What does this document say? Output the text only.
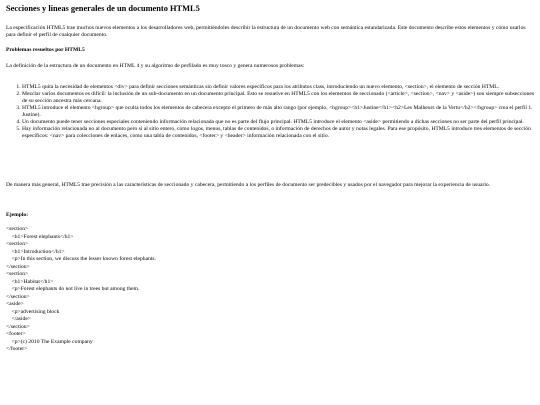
Secciones y líneas generales de un documento HTML5

La especificación HTML5 trae muchos nuevos elementos a los desarrolladores web, permitiéndoles describir la estructura de un documento web con semántica estandarizada. Este documento describe estos elementos y cómo usarlos para definir el perfil de cualquier documento.

Problemas resueltos por HTML5

La definición de la estructura de un documento en HTML 4 y su algoritmo de perfilado es muy tosco y genera numerosos problemas:

1. HTML5 quita la necesidad de elementos <div> para definir secciones semánticas sin definir valores específicos para los atributos class, introduciendo un nuevo elemento, <section>, el elemento de sección HTML.
2. Mezclar varios documentos es difícil: la inclusión de un sub-documento en un documento principal. Esto se resuelve en HTML5 con los elementos de seccionado (<article>, <section>, <nav> y <aside>) son siempre subsecciones de su sección ancestra más cercana.
3. HTML5 introduce el elemento <hgroup> que oculta todos los elementos de cabecera excepto el primero de más alto rango (por ejemplo, <hgroup><h1>Justine</h1><h2>Les Malheurs de la Vertu</h2></hgroup> crea el perfil 1. Justine).
4. Un documento puede tener secciones especiales conteniendo información relacionada que no es parte del flujo principal. HTML5 introduce el elemento <aside> permitiendo a dichas secciones no ser parte del perfil principal.
5. Hay información relacionada no al documento pero si al sitio entero, como logos, menus, tablas de contenidos, o información de derechos de autor y notas legales. Para ese propósito, HTML5 introduce tres elementos de sección específicos: <nav> para colecciones de enlaces, como una tabla de contenidos, <footer> y <header> información relacionada con el sitio.

De manera más general, HTML5 trae precisión a las características de seccionado y cabecera, permitiendo a los perfiles de documento ser predecibles y usados por el navegador para mejorar la experiencia de usuario.

Ejemplo:

<section>
<h1>Forest elephants</h1>
<section>
<h1>Introduction</h1>
<p>In this section, we discuss the lesser known forest elephants.
</section>
<section>
<h1>Habitat</h1>
<p>Forest elephants do not live in trees but among them.
</section>
<aside>
<p>advertising block
</aside>
</section>
<footer>
<p>(c) 2010 The Example company
</footer>
